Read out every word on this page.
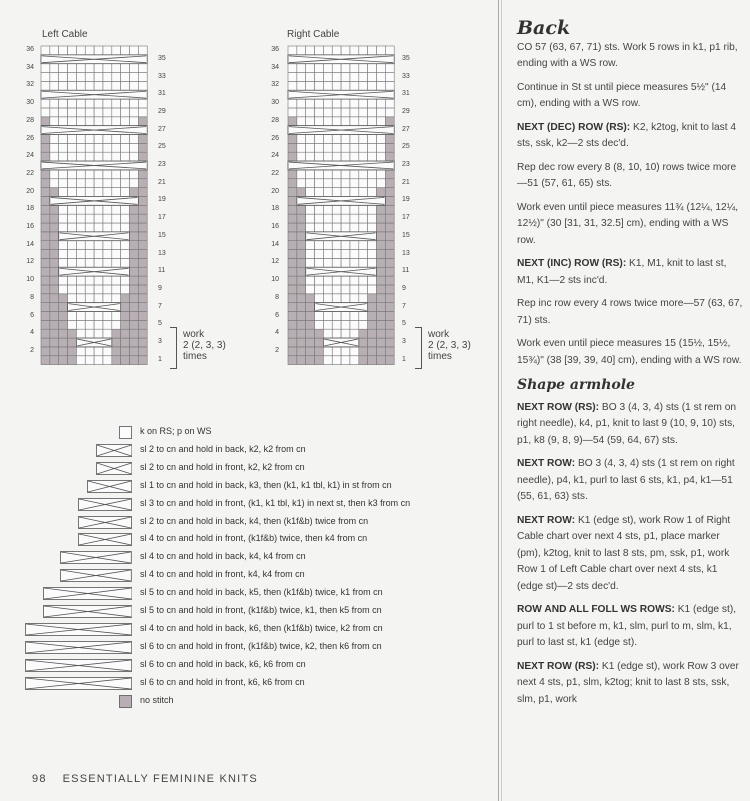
Left Cable
36
34
32
30
28
26
24
22
20
18
16
14
12
10
8
6
4
2
35
33
31
29
27
25
23
21
19
17
15
13
11
9
7
5
3
1
Right Cable
36
34
32
30
28
26
24
22
20
18
16
14
12
10
8
6
4
2
35
33
31
29
27
25
23
21
19
17
15
13
11
9
7
5
3
1
work
2 (2, 3, 3)
times
work
2 (2, 3, 3)
times
k on RS; p on WS
sl 2 to cn and hold in back, k2, k2 from cn
sl 2 to cn and hold in front, k2, k2 from cn
sl 1 to cn and hold in back, k3, then (k1, k1 tbl, k1) in st from cn
sl 3 to cn and hold in front, (k1, k1 tbl, k1) in next st, then k3 from cn
sl 2 to cn and hold in back, k4, then (k1f&b) twice from cn
sl 4 to cn and hold in front, (k1f&b) twice, then k4 from cn
sl 4 to cn and hold in back, k4, k4 from cn
sl 4 to cn and hold in front, k4, k4 from cn
sl 5 to cn and hold in back, k5, then (k1f&b) twice, k1 from cn
sl 5 to cn and hold in front, (k1f&b) twice, k1, then k5 from cn
sl 4 to cn and hold in back, k6, then (k1f&b) twice, k2 from cn
sl 6 to cn and hold in front, (k1f&b) twice, k2, then k6 from cn
sl 6 to cn and hold in back, k6, k6 from cn
sl 6 to cn and hold in front, k6, k6 from cn
no stitch
Back

CO 57 (63, 67, 71) sts. Work 5 rows in k1, p1 rib, ending with a WS row.

Continue in St st until piece measures 5½" (14 cm), ending with a WS row.

NEXT (DEC) ROW (RS): K2, k2tog, knit to last 4 sts, ssk, k2—2 sts dec'd.

Rep dec row every 8 (8, 10, 10) rows twice more—51 (57, 61, 65) sts.

Work even until piece measures 11¾ (12¼, 12¼, 12½)" (30 [31, 31, 32.5] cm), ending with a WS row.

NEXT (INC) ROW (RS): K1, M1, knit to last st, M1, K1—2 sts inc'd.

Rep inc row every 4 rows twice more—57 (63, 67, 71) sts.

Work even until piece measures 15 (15½, 15½, 15¾)" (38 [39, 39, 40] cm), ending with a WS row.

Shape armhole

NEXT ROW (RS): BO 3 (4, 3, 4) sts (1 st rem on right needle), k4, p1, knit to last 9 (10, 9, 10) sts, p1, k8 (9, 8, 9)—54 (59, 64, 67) sts.

NEXT ROW: BO 3 (4, 3, 4) sts (1 st rem on right needle), p4, k1, purl to last 6 sts, k1, p4, k1—51 (55, 61, 63) sts.

NEXT ROW: K1 (edge st), work Row 1 of Right Cable chart over next 4 sts, p1, place marker (pm), k2tog, knit to last 8 sts, pm, ssk, p1, work Row 1 of Left Cable chart over next 4 sts, k1 (edge st)—2 sts dec'd.

ROW AND ALL FOLL WS ROWS: K1 (edge st), purl to 1 st before m, k1, slm, purl to m, slm, k1, purl to last st, k1 (edge st).

NEXT ROW (RS): K1 (edge st), work Row 3 over next 4 sts, p1, slm, k2tog; knit to last 8 sts, ssk, slm, p1, work

98 ESSENTIALLY FEMININE KNITS
